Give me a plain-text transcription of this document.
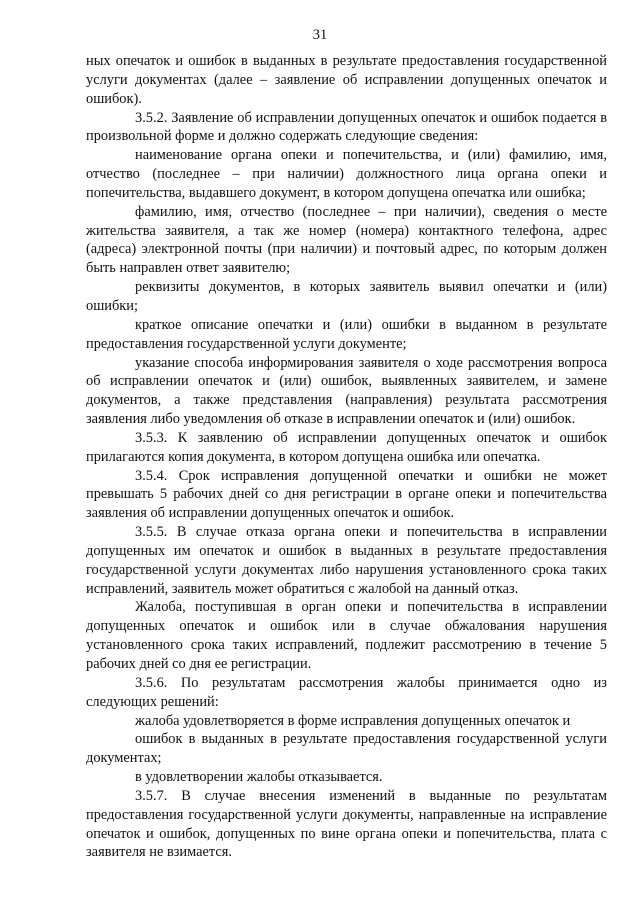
31

ных опечаток и ошибок в выданных в результате предоставления государственной услуги документах (далее – заявление об исправлении допущенных опечаток и ошибок).

3.5.2. Заявление об исправлении допущенных опечаток и ошибок подается в произвольной форме и должно содержать следующие сведения:

наименование органа опеки и попечительства, и (или) фамилию, имя, отчество (последнее – при наличии) должностного лица органа опеки и попечительства, выдавшего документ, в котором допущена опечатка или ошибка;

фамилию, имя, отчество (последнее – при наличии), сведения о месте жительства заявителя, а так же номер (номера) контактного телефона, адрес (адреса) электронной почты (при наличии) и почтовый адрес, по которым должен быть направлен ответ заявителю;

реквизиты документов, в которых заявитель выявил опечатки и (или) ошибки;

краткое описание опечатки и (или) ошибки в выданном в результате предоставления государственной услуги документе;

указание способа информирования заявителя о ходе рассмотрения вопроса об исправлении опечаток и (или) ошибок, выявленных заявителем, и замене документов, а также представления (направления) результата рассмотрения заявления либо уведомления об отказе в исправлении опечаток и (или) ошибок.

3.5.3. К заявлению об исправлении допущенных опечаток и ошибок прилагаются копия документа, в котором допущена ошибка или опечатка.

3.5.4. Срок исправления допущенной опечатки и ошибки не может превышать 5 рабочих дней со дня регистрации в органе опеки и попечительства заявления об исправлении допущенных опечаток и ошибок.

3.5.5. В случае отказа органа опеки и попечительства в исправлении допущенных им опечаток и ошибок в выданных в результате предоставления государственной услуги документах либо нарушения установленного срока таких исправлений, заявитель может обратиться с жалобой на данный отказ.

Жалоба, поступившая в орган опеки и попечительства в исправлении допущенных опечаток и ошибок или в случае обжалования нарушения установленного срока таких исправлений, подлежит рассмотрению в течение 5 рабочих дней со дня ее регистрации.

3.5.6. По результатам рассмотрения жалобы принимается одно из следующих решений:

жалоба удовлетворяется в форме исправления допущенных опечаток и

ошибок в выданных в результате предоставления государственной услуги документах;

в удовлетворении жалобы отказывается.

3.5.7. В случае внесения изменений в выданные по результатам предоставления государственной услуги документы, направленные на исправление опечаток и ошибок, допущенных по вине органа опеки и попечительства, плата с заявителя не взимается.
